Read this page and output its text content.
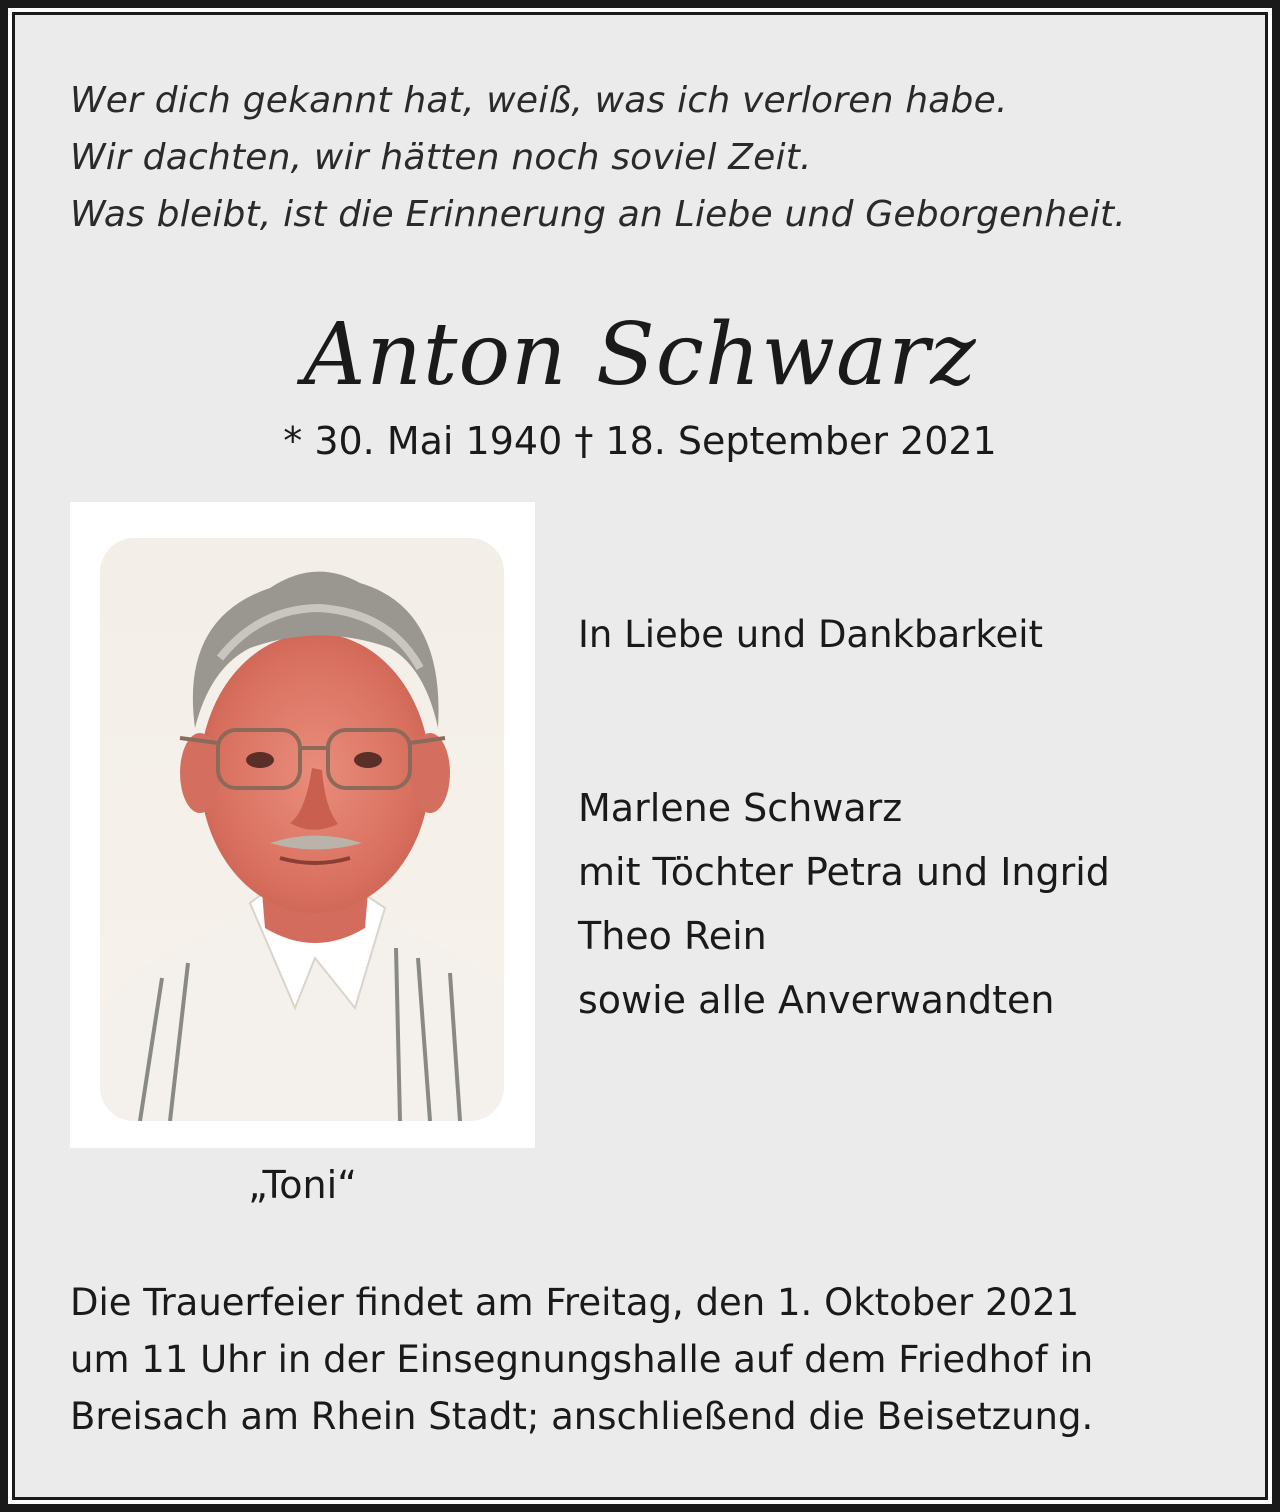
Wer dich gekannt hat, weiß, was ich verloren habe.
Wir dachten, wir hätten noch soviel Zeit.
Was bleibt, ist die Erinnerung an Liebe und Geborgenheit.
Anton Schwarz
* 30. Mai 1940 † 18. September 2021
„Toni“
In Liebe und Dankbarkeit
Marlene Schwarz
mit Töchter Petra und Ingrid
Theo Rein
sowie alle Anverwandten
Die Trauerfeier findet am Freitag, den 1. Oktober 2021
um 11 Uhr in der Einsegnungshalle auf dem Friedhof in
Breisach am Rhein Stadt; anschließend die Beisetzung.
